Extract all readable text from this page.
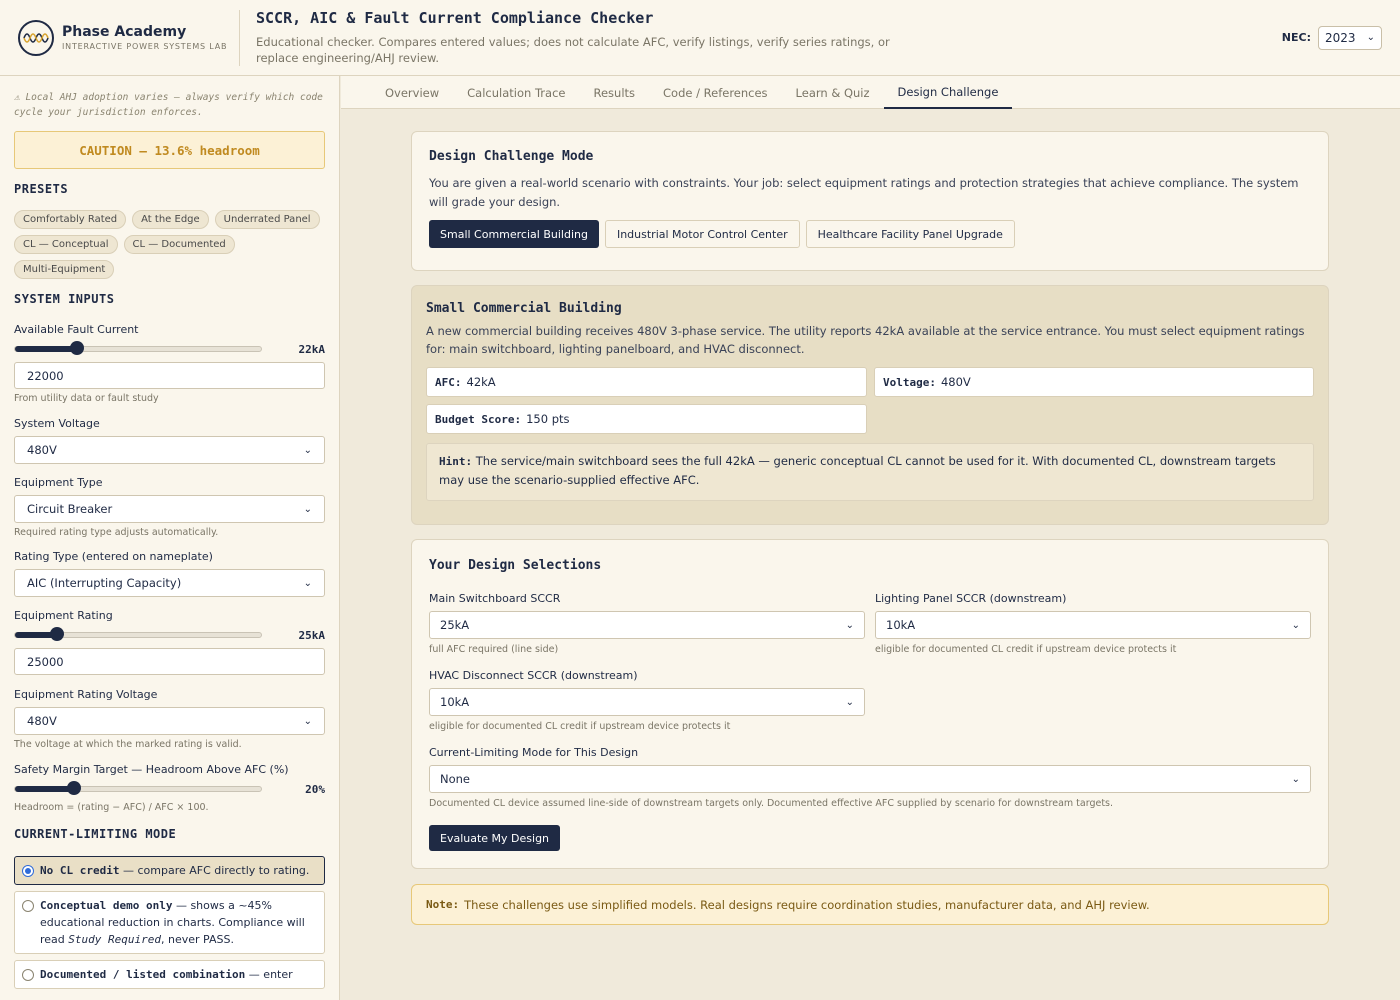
Phase Academy
INTERACTIVE POWER SYSTEMS LAB
SCCR, AIC & Fault Current Compliance Checker
Educational checker. Compares entered values; does not calculate AFC, verify listings, verify series ratings, or replace engineering/AHJ review.
NEC: 2023 ⌄
⚠ Local AHJ adoption varies — always verify which code cycle your jurisdiction enforces.
CAUTION — 13.6% headroom
PRESETS
Comfortably Rated	At the Edge	Underrated Panel
CL — Conceptual	CL — Documented
Multi-Equipment
SYSTEM INPUTS
Available Fault Current
22kA
22000
From utility data or fault study
System Voltage
480V	⌄
Equipment Type
Circuit Breaker	⌄
Required rating type adjusts automatically.
Rating Type (entered on nameplate)
AIC (Interrupting Capacity)	⌄
Equipment Rating
25kA
25000
Equipment Rating Voltage
480V	⌄
The voltage at which the marked rating is valid.
Safety Margin Target — Headroom Above AFC (%)
20%
Headroom = (rating − AFC) / AFC × 100.
CURRENT-LIMITING MODE
No CL credit — compare AFC directly to rating.
Conceptual demo only — shows a ~45% educational reduction in charts. Compliance will read Study Required, never PASS.
Documented / listed combination — enter
Overview	Calculation Trace	Results	Code / References	Learn & Quiz	Design Challenge
Design Challenge Mode
You are given a real-world scenario with constraints. Your job: select equipment ratings and protection strategies that achieve compliance. The system will grade your design.
Small Commercial Building	Industrial Motor Control Center	Healthcare Facility Panel Upgrade
Small Commercial Building
A new commercial building receives 480V 3-phase service. The utility reports 42kA available at the service entrance. You must select equipment ratings for: main switchboard, lighting panelboard, and HVAC disconnect.
AFC: 42kA	Voltage: 480V
Budget Score: 150 pts
Hint: The service/main switchboard sees the full 42kA — generic conceptual CL cannot be used for it. With documented CL, downstream targets may use the scenario-supplied effective AFC.
Your Design Selections
Main Switchboard SCCR
25kA	⌄
full AFC required (line side)
Lighting Panel SCCR (downstream)
10kA	⌄
eligible for documented CL credit if upstream device protects it
HVAC Disconnect SCCR (downstream)
10kA	⌄
eligible for documented CL credit if upstream device protects it
Current-Limiting Mode for This Design
None	⌄
Documented CL device assumed line-side of downstream targets only. Documented effective AFC supplied by scenario for downstream targets.
Evaluate My Design
Note: These challenges use simplified models. Real designs require coordination studies, manufacturer data, and AHJ review.
